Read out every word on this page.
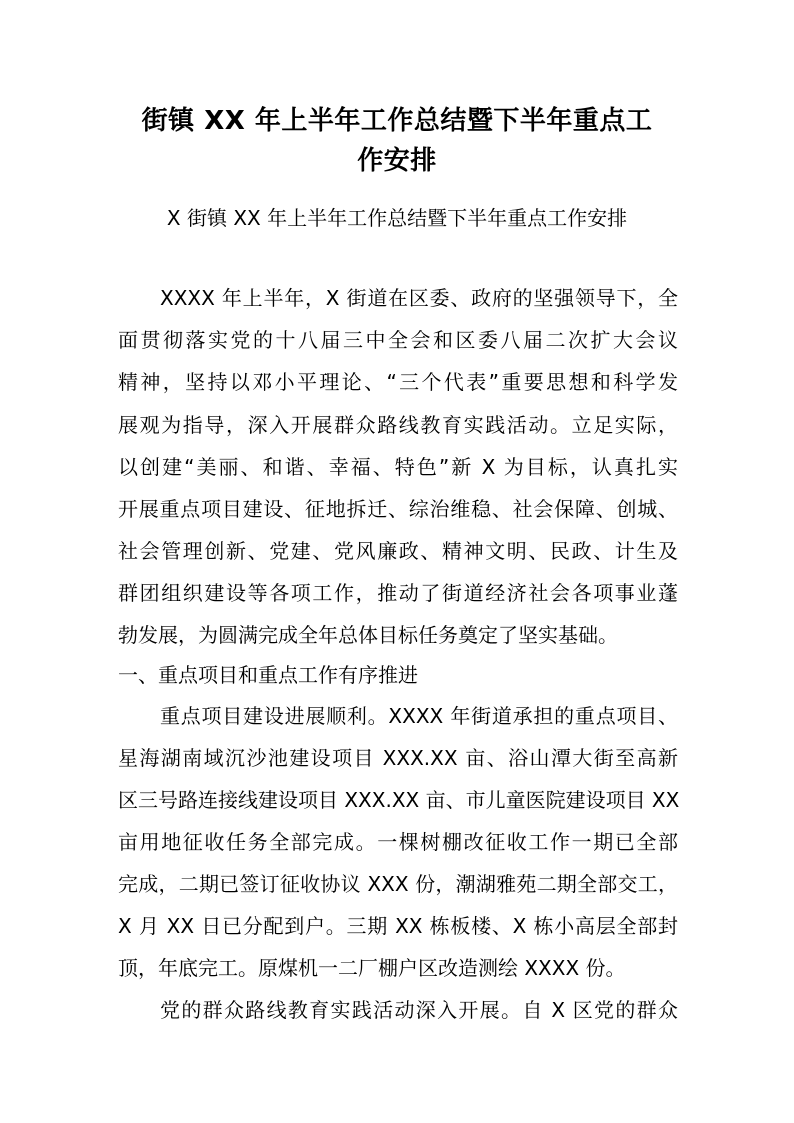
街镇 XX 年上半年工作总结暨下半年重点工
作安排
X 街镇 XX 年上半年工作总结暨下半年重点工作安排
XXXX 年上半年，X 街道在区委、政府的坚强领导下，全
面贯彻落实党的十八届三中全会和区委八届二次扩大会议
精神，坚持以邓小平理论、“三个代表”重要思想和科学发
展观为指导，深入开展群众路线教育实践活动。立足实际，
以创建“美丽、和谐、幸福、特色”新 X 为目标，认真扎实
开展重点项目建设、征地拆迁、综治维稳、社会保障、创城、
社会管理创新、党建、党风廉政、精神文明、民政、计生及
群团组织建设等各项工作，推动了街道经济社会各项事业蓬
勃发展，为圆满完成全年总体目标任务奠定了坚实基础。
一、重点项目和重点工作有序推进
重点项目建设进展顺利。XXXX 年街道承担的重点项目、
星海湖南域沉沙池建设项目 XXX.XX 亩、浴山潭大街至高新
区三号路连接线建设项目 XXX.XX 亩、市儿童医院建设项目 XX
亩用地征收任务全部完成。一棵树棚改征收工作一期已全部
完成，二期已签订征收协议 XXX 份，潮湖雅苑二期全部交工，
X 月 XX 日已分配到户。三期 XX 栋板楼、X 栋小高层全部封
顶，年底完工。原煤机一二厂棚户区改造测绘 XXXX 份。
党的群众路线教育实践活动深入开展。自 X 区党的群众
